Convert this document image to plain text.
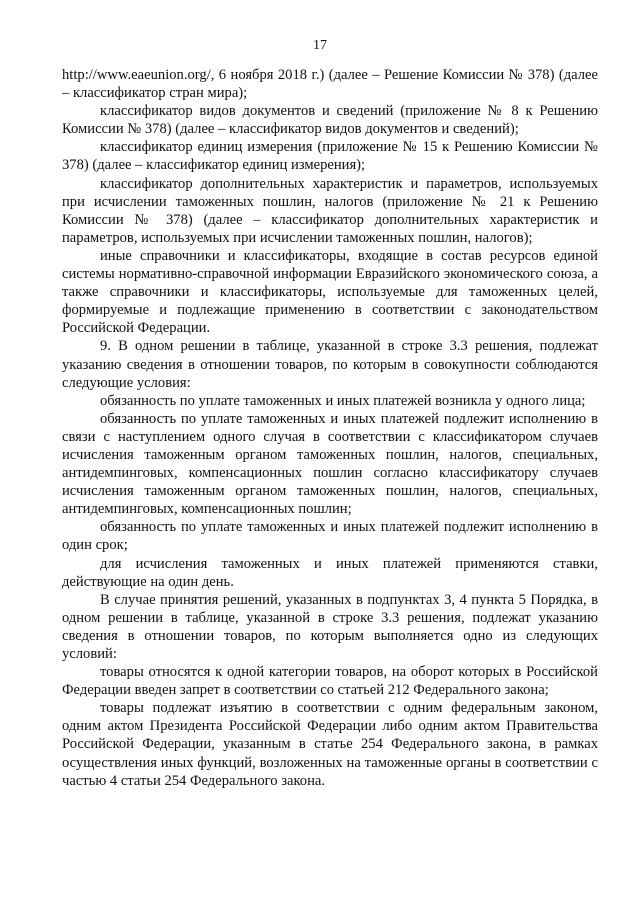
17

http://www.eaeunion.org/, 6 ноября 2018 г.) (далее – Решение Комиссии № 378) (далее – классификатор стран мира);

классификатор видов документов и сведений (приложение № 8 к Решению Комиссии № 378) (далее – классификатор видов документов и сведений);

классификатор единиц измерения (приложение № 15 к Решению Комиссии № 378) (далее – классификатор единиц измерения);

классификатор дополнительных характеристик и параметров, используемых при исчислении таможенных пошлин, налогов (приложение № 21 к Решению Комиссии № 378) (далее – классификатор дополнительных характеристик и параметров, используемых при исчислении таможенных пошлин, налогов);

иные справочники и классификаторы, входящие в состав ресурсов единой системы нормативно-справочной информации Евразийского экономического союза, а также справочники и классификаторы, используемые для таможенных целей, формируемые и подлежащие применению в соответствии с законодательством Российской Федерации.

9. В одном решении в таблице, указанной в строке 3.3 решения, подлежат указанию сведения в отношении товаров, по которым в совокупности соблюдаются следующие условия:

обязанность по уплате таможенных и иных платежей возникла у одного лица;

обязанность по уплате таможенных и иных платежей подлежит исполнению в связи с наступлением одного случая в соответствии с классификатором случаев исчисления таможенным органом таможенных пошлин, налогов, специальных, антидемпинговых, компенсационных пошлин согласно классификатору случаев исчисления таможенным органом таможенных пошлин, налогов, специальных, антидемпинговых, компенсационных пошлин;

обязанность по уплате таможенных и иных платежей подлежит исполнению в один срок;

для исчисления таможенных и иных платежей применяются ставки, действующие на один день.

В случае принятия решений, указанных в подпунктах 3, 4 пункта 5 Порядка, в одном решении в таблице, указанной в строке 3.3 решения, подлежат указанию сведения в отношении товаров, по которым выполняется одно из следующих условий:

товары относятся к одной категории товаров, на оборот которых в Российской Федерации введен запрет в соответствии со статьей 212 Федерального закона;

товары подлежат изъятию в соответствии с одним федеральным законом, одним актом Президента Российской Федерации либо одним актом Правительства Российской Федерации, указанным в статье 254 Федерального закона, в рамках осуществления иных функций, возложенных на таможенные органы в соответствии с частью 4 статьи 254 Федерального закона.
